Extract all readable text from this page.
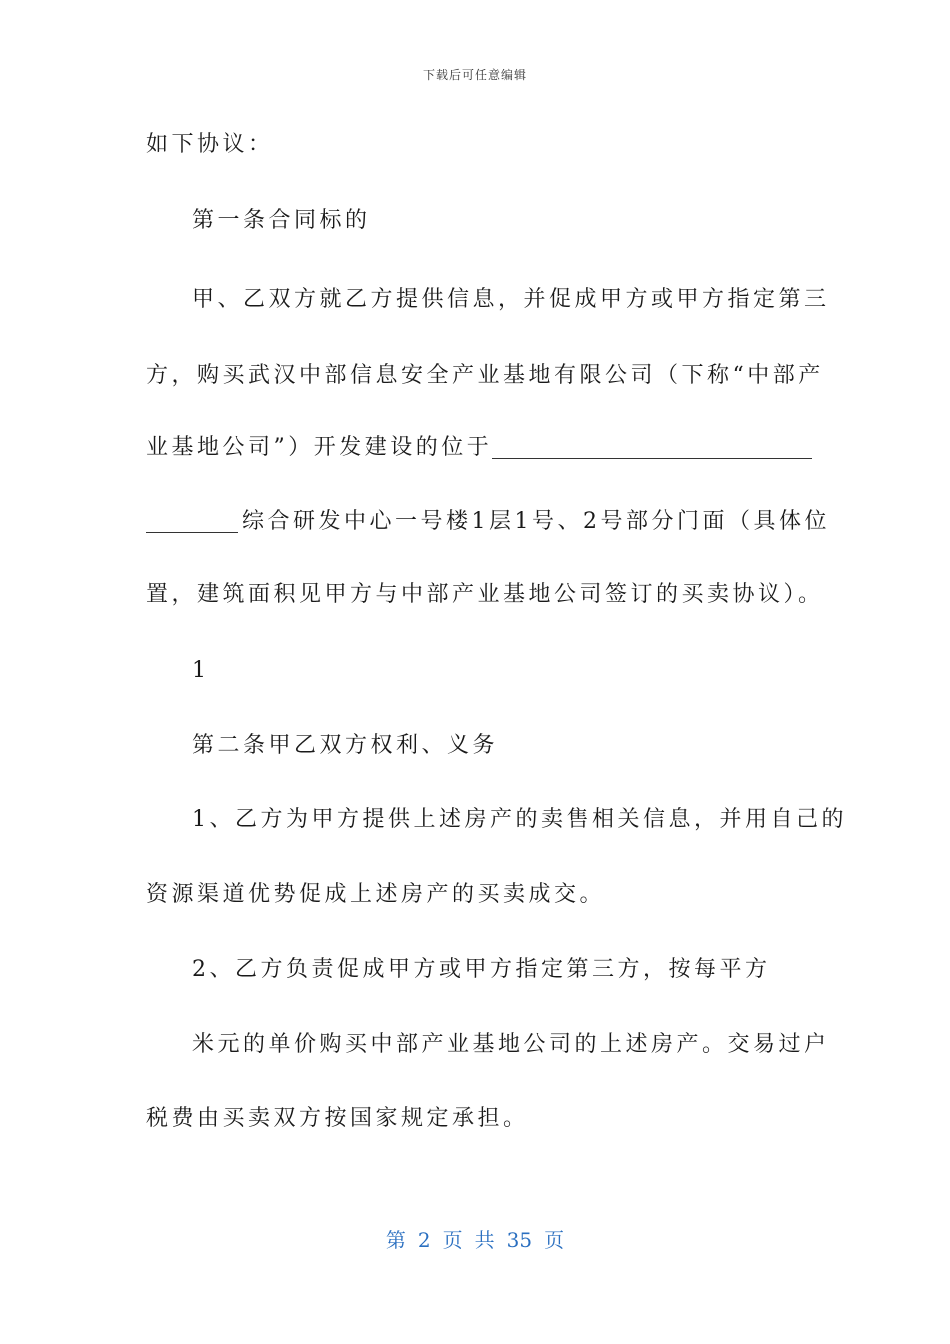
下载后可任意编辑
如下协议：
第一条合同标的
甲、乙双方就乙方提供信息，并促成甲方或甲方指定第三
方，购买武汉中部信息安全产业基地有限公司（下称“中部产
业基地公司”）开发建设的位于
综合研发中心一号楼1层1号、2号部分门面（具体位
置，建筑面积见甲方与中部产业基地公司签订的买卖协议）。
1
第二条甲乙双方权利、义务
1、乙方为甲方提供上述房产的卖售相关信息，并用自己的
资源渠道优势促成上述房产的买卖成交。
2、乙方负责促成甲方或甲方指定第三方，按每平方
米元的单价购买中部产业基地公司的上述房产。交易过户
税费由买卖双方按国家规定承担。
第 2 页 共 35 页
